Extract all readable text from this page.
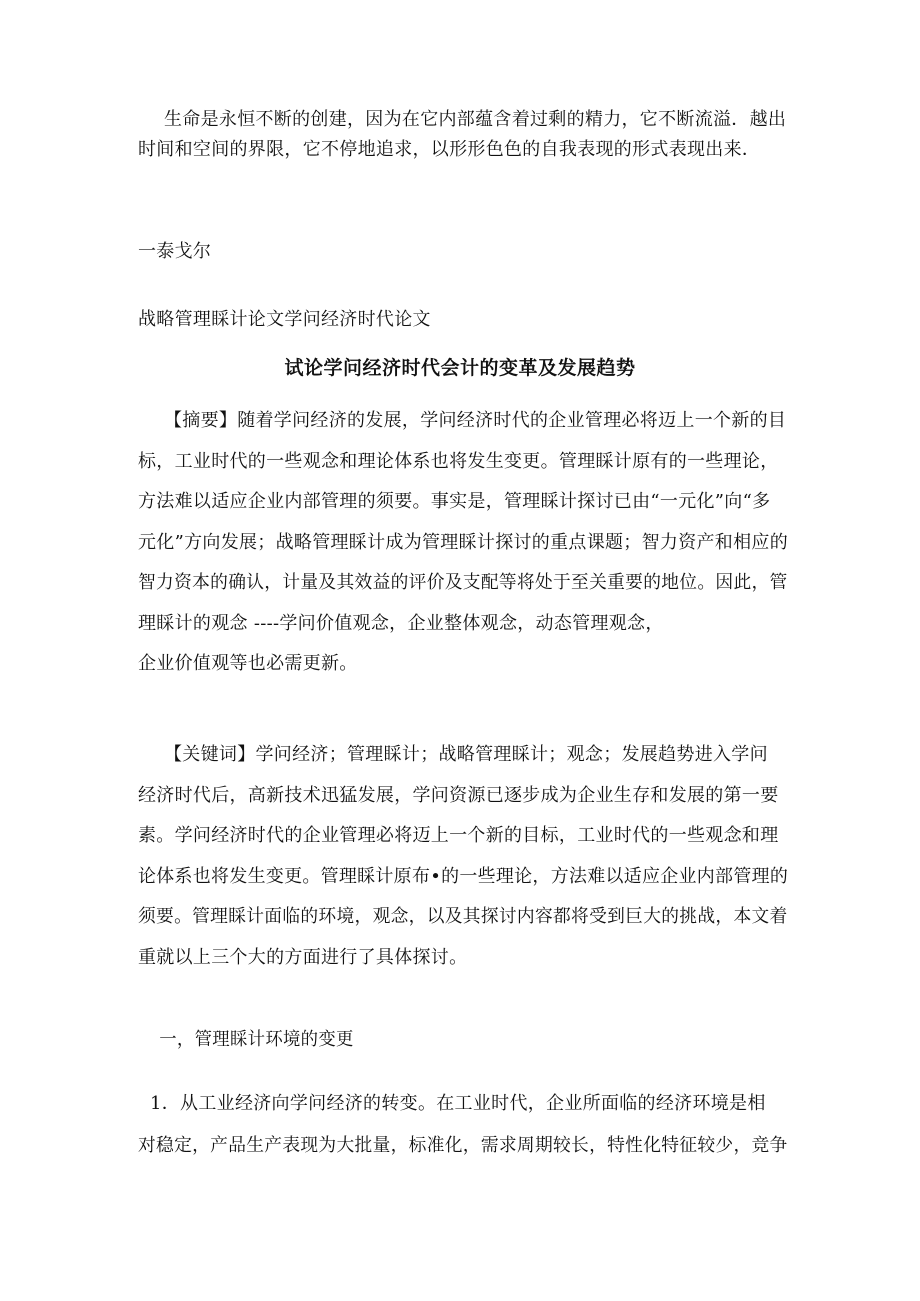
生命是永恒不断的创建，因为在它内部蕴含着过剩的精力，它不断流溢．越出
时间和空间的界限，它不停地追求，以形形色色的自我表现的形式表现出来．
一泰戈尔
战略管理睬计论文学问经济时代论文
试论学问经济时代会计的变革及发展趋势
【摘要】随着学问经济的发展，学问经济时代的企业管理必将迈上一个新的目
标，工业时代的一些观念和理论体系也将发生变更。管理睬计原有的一些理论，
方法难以适应企业内部管理的须要。事实是，管理睬计探讨已由“一元化”向“多
元化”方向发展；战略管理睬计成为管理睬计探讨的重点课题；智力资产和相应的
智力资本的确认，计量及其效益的评价及支配等将处于至关重要的地位。因此，管
理睬计的观念 ----学问价值观念，企业整体观念，动态管理观念，
企业价值观等也必需更新。
【关键词】学问经济；管理睬计；战略管理睬计；观念；发展趋势进入学问
经济时代后，高新技术迅猛发展，学问资源已逐步成为企业生存和发展的第一要
素。学问经济时代的企业管理必将迈上一个新的目标，工业时代的一些观念和理
论体系也将发生变更。管理睬计原布•的一些理论，方法难以适应企业内部管理的
须要。管理睬计面临的环境，观念，以及其探讨内容都将受到巨大的挑战，本文着
重就以上三个大的方面进行了具体探讨。
一，管理睬计环境的变更
1．从工业经济向学问经济的转变。在工业时代，企业所面临的经济环境是相
对稳定，产品生产表现为大批量，标准化，需求周期较长，特性化特征较少，竞争
